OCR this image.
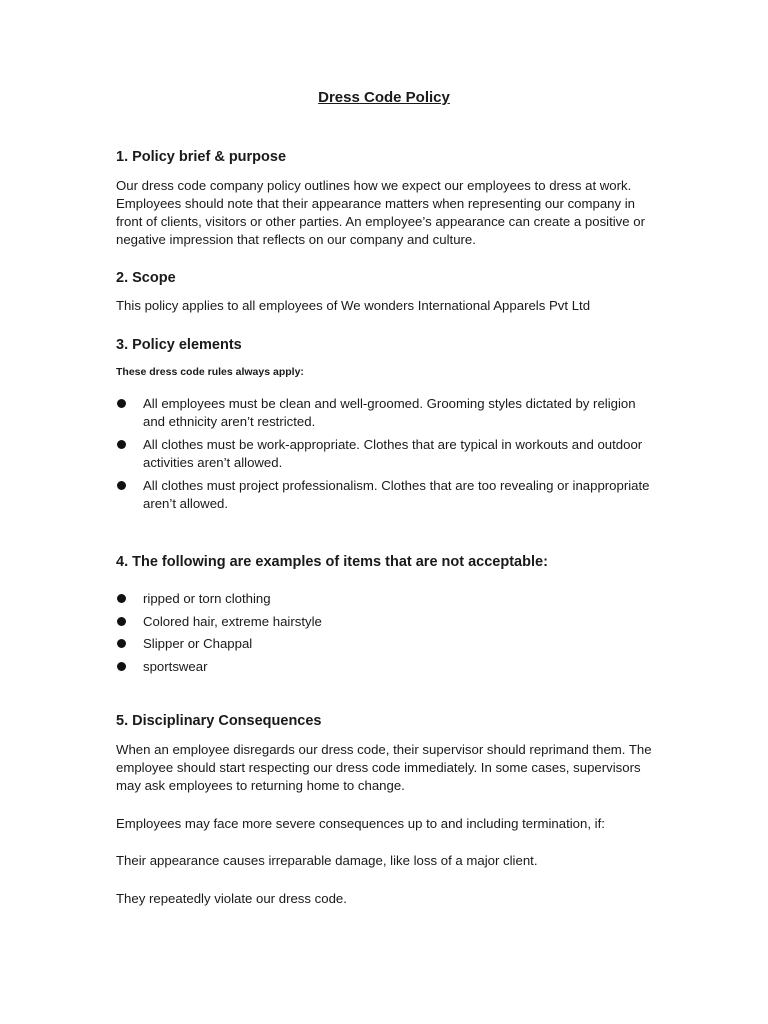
Dress Code Policy
1. Policy brief & purpose

Our dress code company policy outlines how we expect our employees to dress at work. Employees should note that their appearance matters when representing our company in front of clients, visitors or other parties. An employee’s appearance can create a positive or negative impression that reflects on our company and culture.

2. Scope

This policy applies to all employees of We wonders International Apparels Pvt Ltd

3. Policy elements
These dress code rules always apply:
All employees must be clean and well-groomed. Grooming styles dictated by religion and ethnicity aren’t restricted.
All clothes must be work-appropriate. Clothes that are typical in workouts and outdoor activities aren’t allowed.
All clothes must project professionalism. Clothes that are too revealing or inappropriate aren’t allowed.
4. The following are examples of items that are not acceptable:
ripped or torn clothing
Colored hair, extreme hairstyle
Slipper or Chappal
sportswear
5. Disciplinary Consequences

When an employee disregards our dress code, their supervisor should reprimand them. The employee should start respecting our dress code immediately. In some cases, supervisors may ask employees to returning home to change.

Employees may face more severe consequences up to and including termination, if:

Their appearance causes irreparable damage, like loss of a major client.

They repeatedly violate our dress code.
